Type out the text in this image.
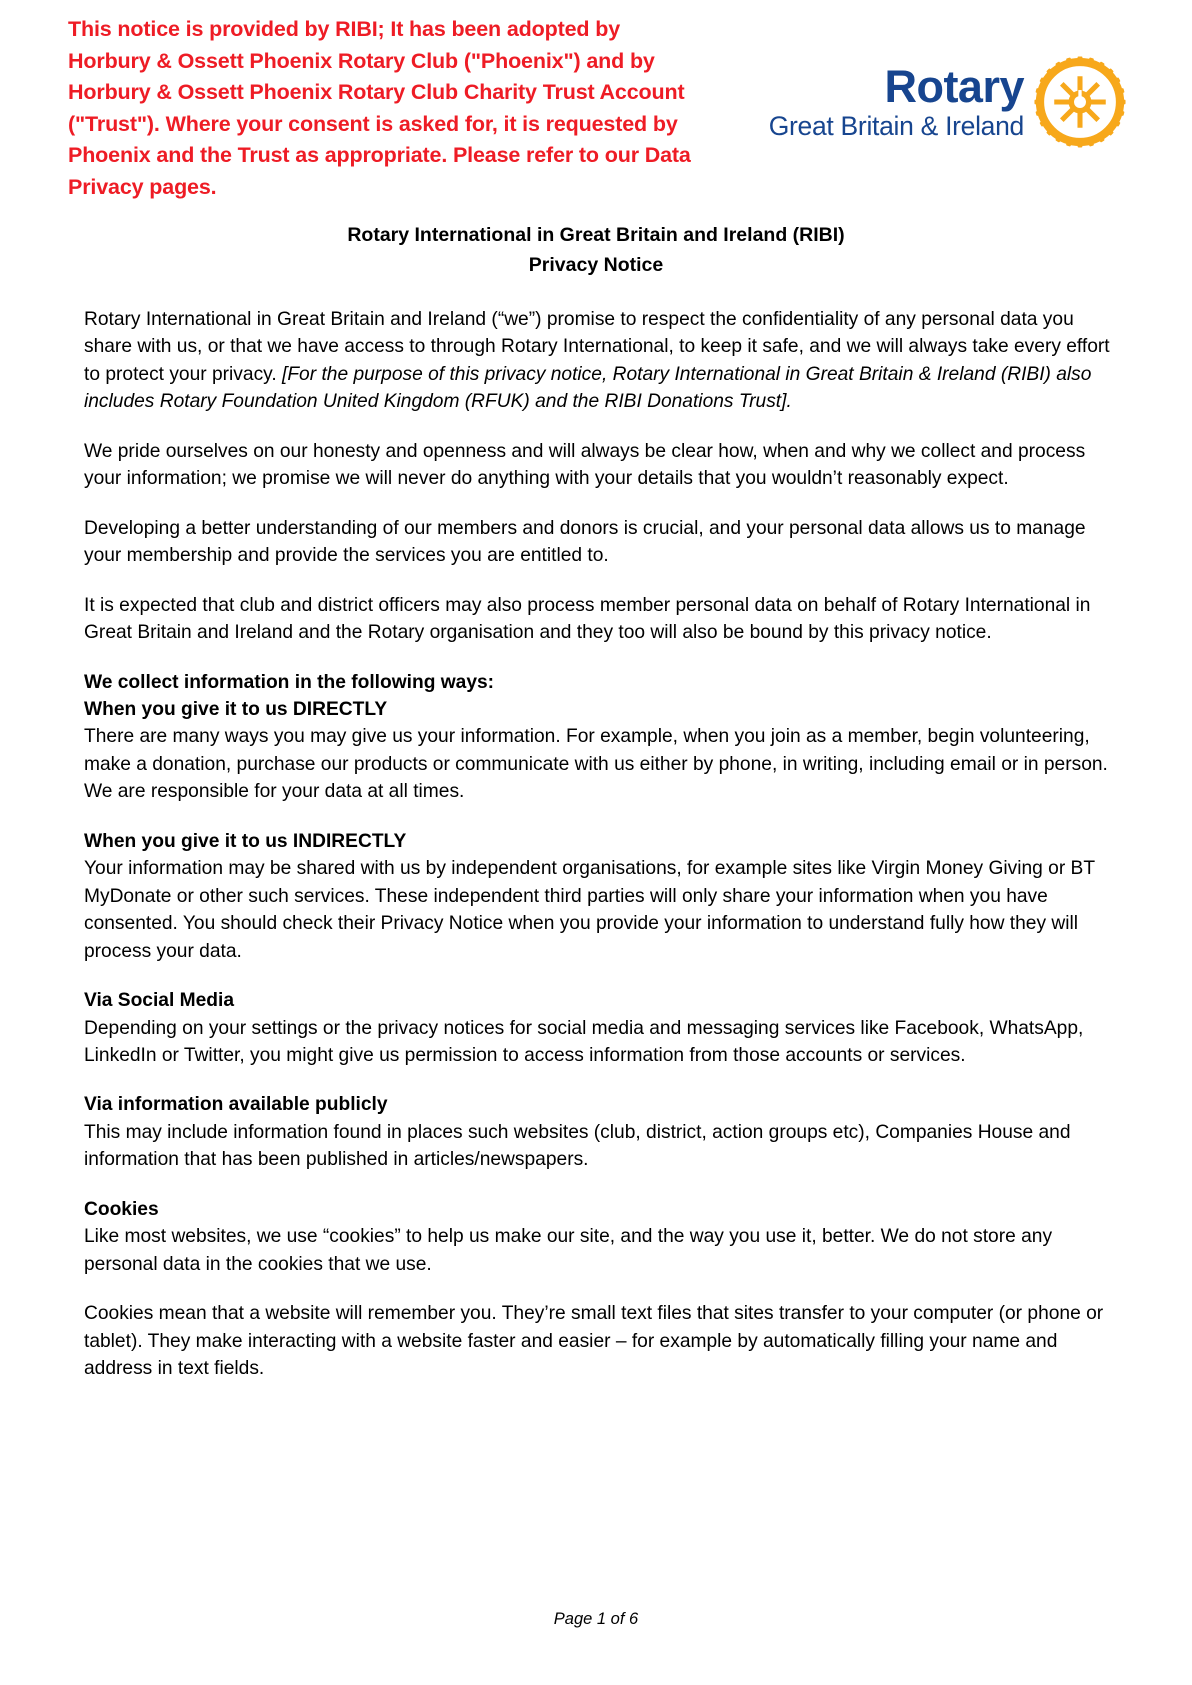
This notice is provided by RIBI; It has been adopted by Horbury & Ossett Phoenix Rotary Club ("Phoenix") and by Horbury & Ossett Phoenix Rotary Club Charity Trust Account ("Trust"). Where your consent is asked for, it is requested by Phoenix and the Trust as appropriate. Please refer to our Data Privacy pages.
Rotary
Great Britain & Ireland
Rotary International in Great Britain and Ireland (RIBI)
Privacy Notice

Rotary International in Great Britain and Ireland (“we”) promise to respect the confidentiality of any personal data you share with us, or that we have access to through Rotary International, to keep it safe, and we will always take every effort to protect your privacy. [For the purpose of this privacy notice, Rotary International in Great Britain & Ireland (RIBI) also includes Rotary Foundation United Kingdom (RFUK) and the RIBI Donations Trust].

We pride ourselves on our honesty and openness and will always be clear how, when and why we collect and process your information; we promise we will never do anything with your details that you wouldn’t reasonably expect.

Developing a better understanding of our members and donors is crucial, and your personal data allows us to manage your membership and provide the services you are entitled to.

It is expected that club and district officers may also process member personal data on behalf of Rotary International in Great Britain and Ireland and the Rotary organisation and they too will also be bound by this privacy notice.

We collect information in the following ways:
When you give it to us DIRECTLY

There are many ways you may give us your information. For example, when you join as a member, begin volunteering, make a donation, purchase our products or communicate with us either by phone, in writing, including email or in person. We are responsible for your data at all times.

When you give it to us INDIRECTLY

Your information may be shared with us by independent organisations, for example sites like Virgin Money Giving or BT MyDonate or other such services. These independent third parties will only share your information when you have consented. You should check their Privacy Notice when you provide your information to understand fully how they will process your data.

Via Social Media

Depending on your settings or the privacy notices for social media and messaging services like Facebook, WhatsApp, LinkedIn or Twitter, you might give us permission to access information from those accounts or services.

Via information available publicly

This may include information found in places such websites (club, district, action groups etc), Companies House and information that has been published in articles/newspapers.

Cookies

Like most websites, we use “cookies” to help us make our site, and the way you use it, better. We do not store any personal data in the cookies that we use.

Cookies mean that a website will remember you. They’re small text files that sites transfer to your computer (or phone or tablet). They make interacting with a website faster and easier – for example by automatically filling your name and address in text fields.

Page 1 of 6
